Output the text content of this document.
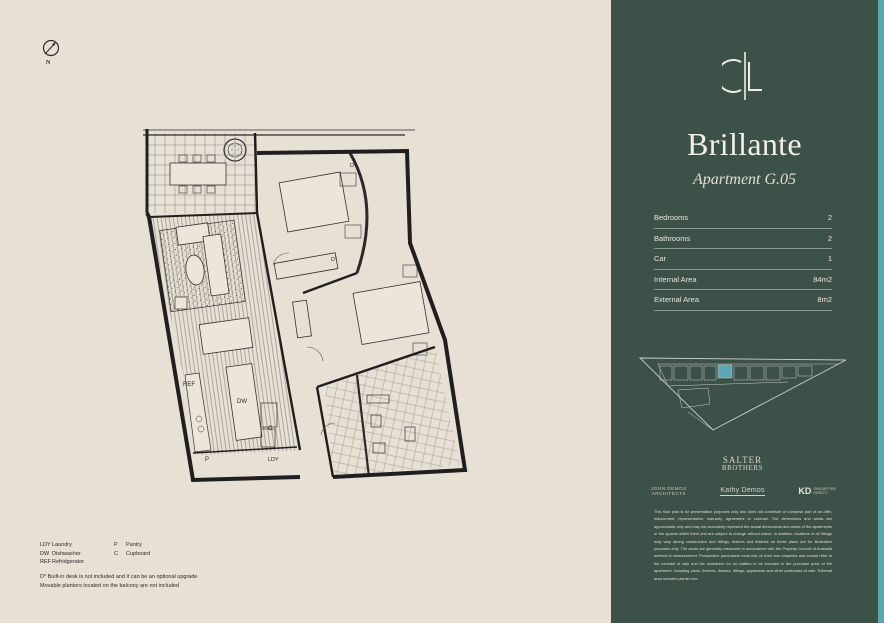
N
REF
DW
C
P	LDY
D*
D*
LDY Laundry	P	Pantry
DW Dishwasher	C	Cupboard
REF Refridgerator
D* Built-in desk is not included and it can be an optional upgrade
Movable planters located on the balcony are not included
Brillante
Apartment G.05
Bedrooms	2
Bathrooms	2
Car	1
Internal Area	84m2
External Area	8m2
SALTER
BROTHERS
JOHN DEMOS
ARCHITECTS	Kathy Demos	KD SINGAPORE
DIRECT
This floor plan is for presentation purposes only and does not constitute or comprise part of an offer, inducement, representation, warranty, agreement or contract. The dimensions and areas are approximate only and may not accurately represent the actual dimensions and areas of the apartments or the spaces within them and are subject to change without notice. In addition, locations of all fittings may vary during construction and fittings, fixtures and finishes on these plans are for illustrative purposes only. The areas are generally measured in accordance with the Property Council of Australia method of measurement. Prospective purchasers must rely on their own enquiries and should refer to the contract of sale and the schedules for all matters to be included in the purchase price of the apartment, including plans, finishes, fixtures, fittings, appliances and other particulars of sale. External area includes planter box.
